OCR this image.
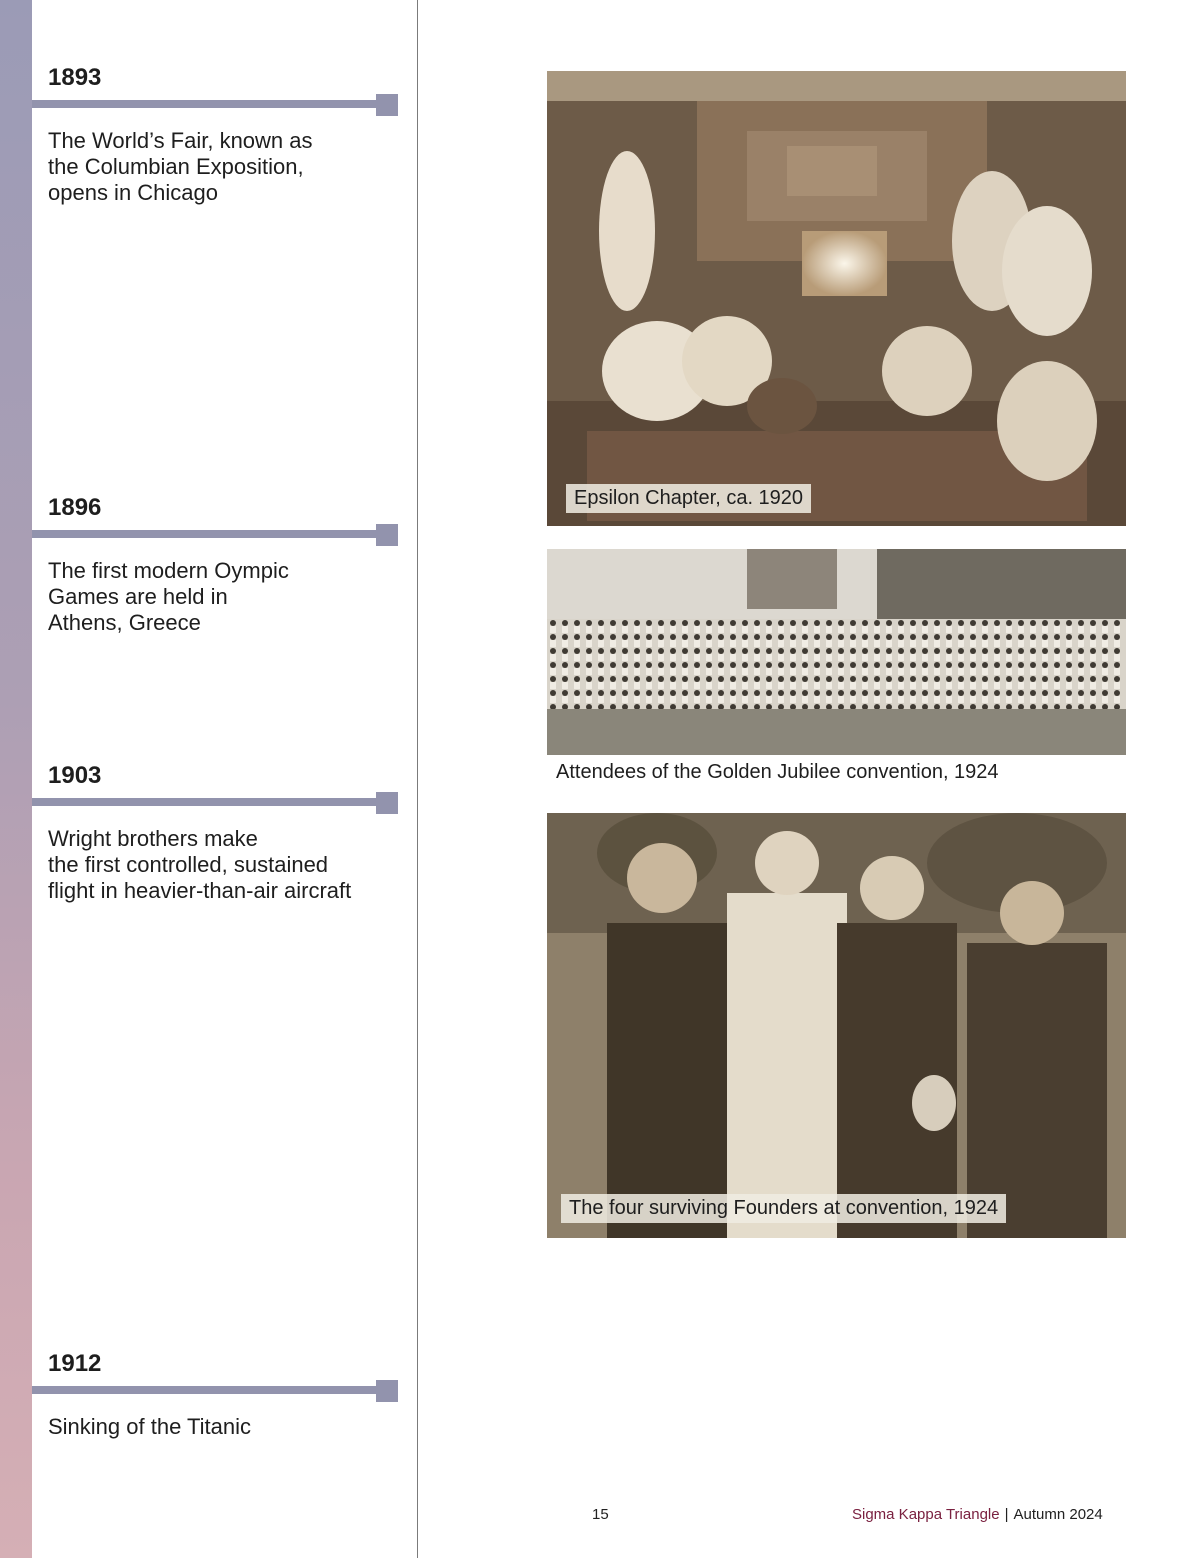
1893
The World’s Fair, known as
the Columbian Exposition,
opens in Chicago
1896
The first modern Oympic
Games are held in
Athens, Greece
1903
Wright brothers make
the first controlled, sustained
flight in heavier-than-air aircraft
1912
Sinking of the Titanic
Epsilon Chapter, ca. 1920
Attendees of the Golden Jubilee convention, 1924
The four surviving Founders at convention, 1924
15	Sigma Kappa Triangle | Autumn 2024
